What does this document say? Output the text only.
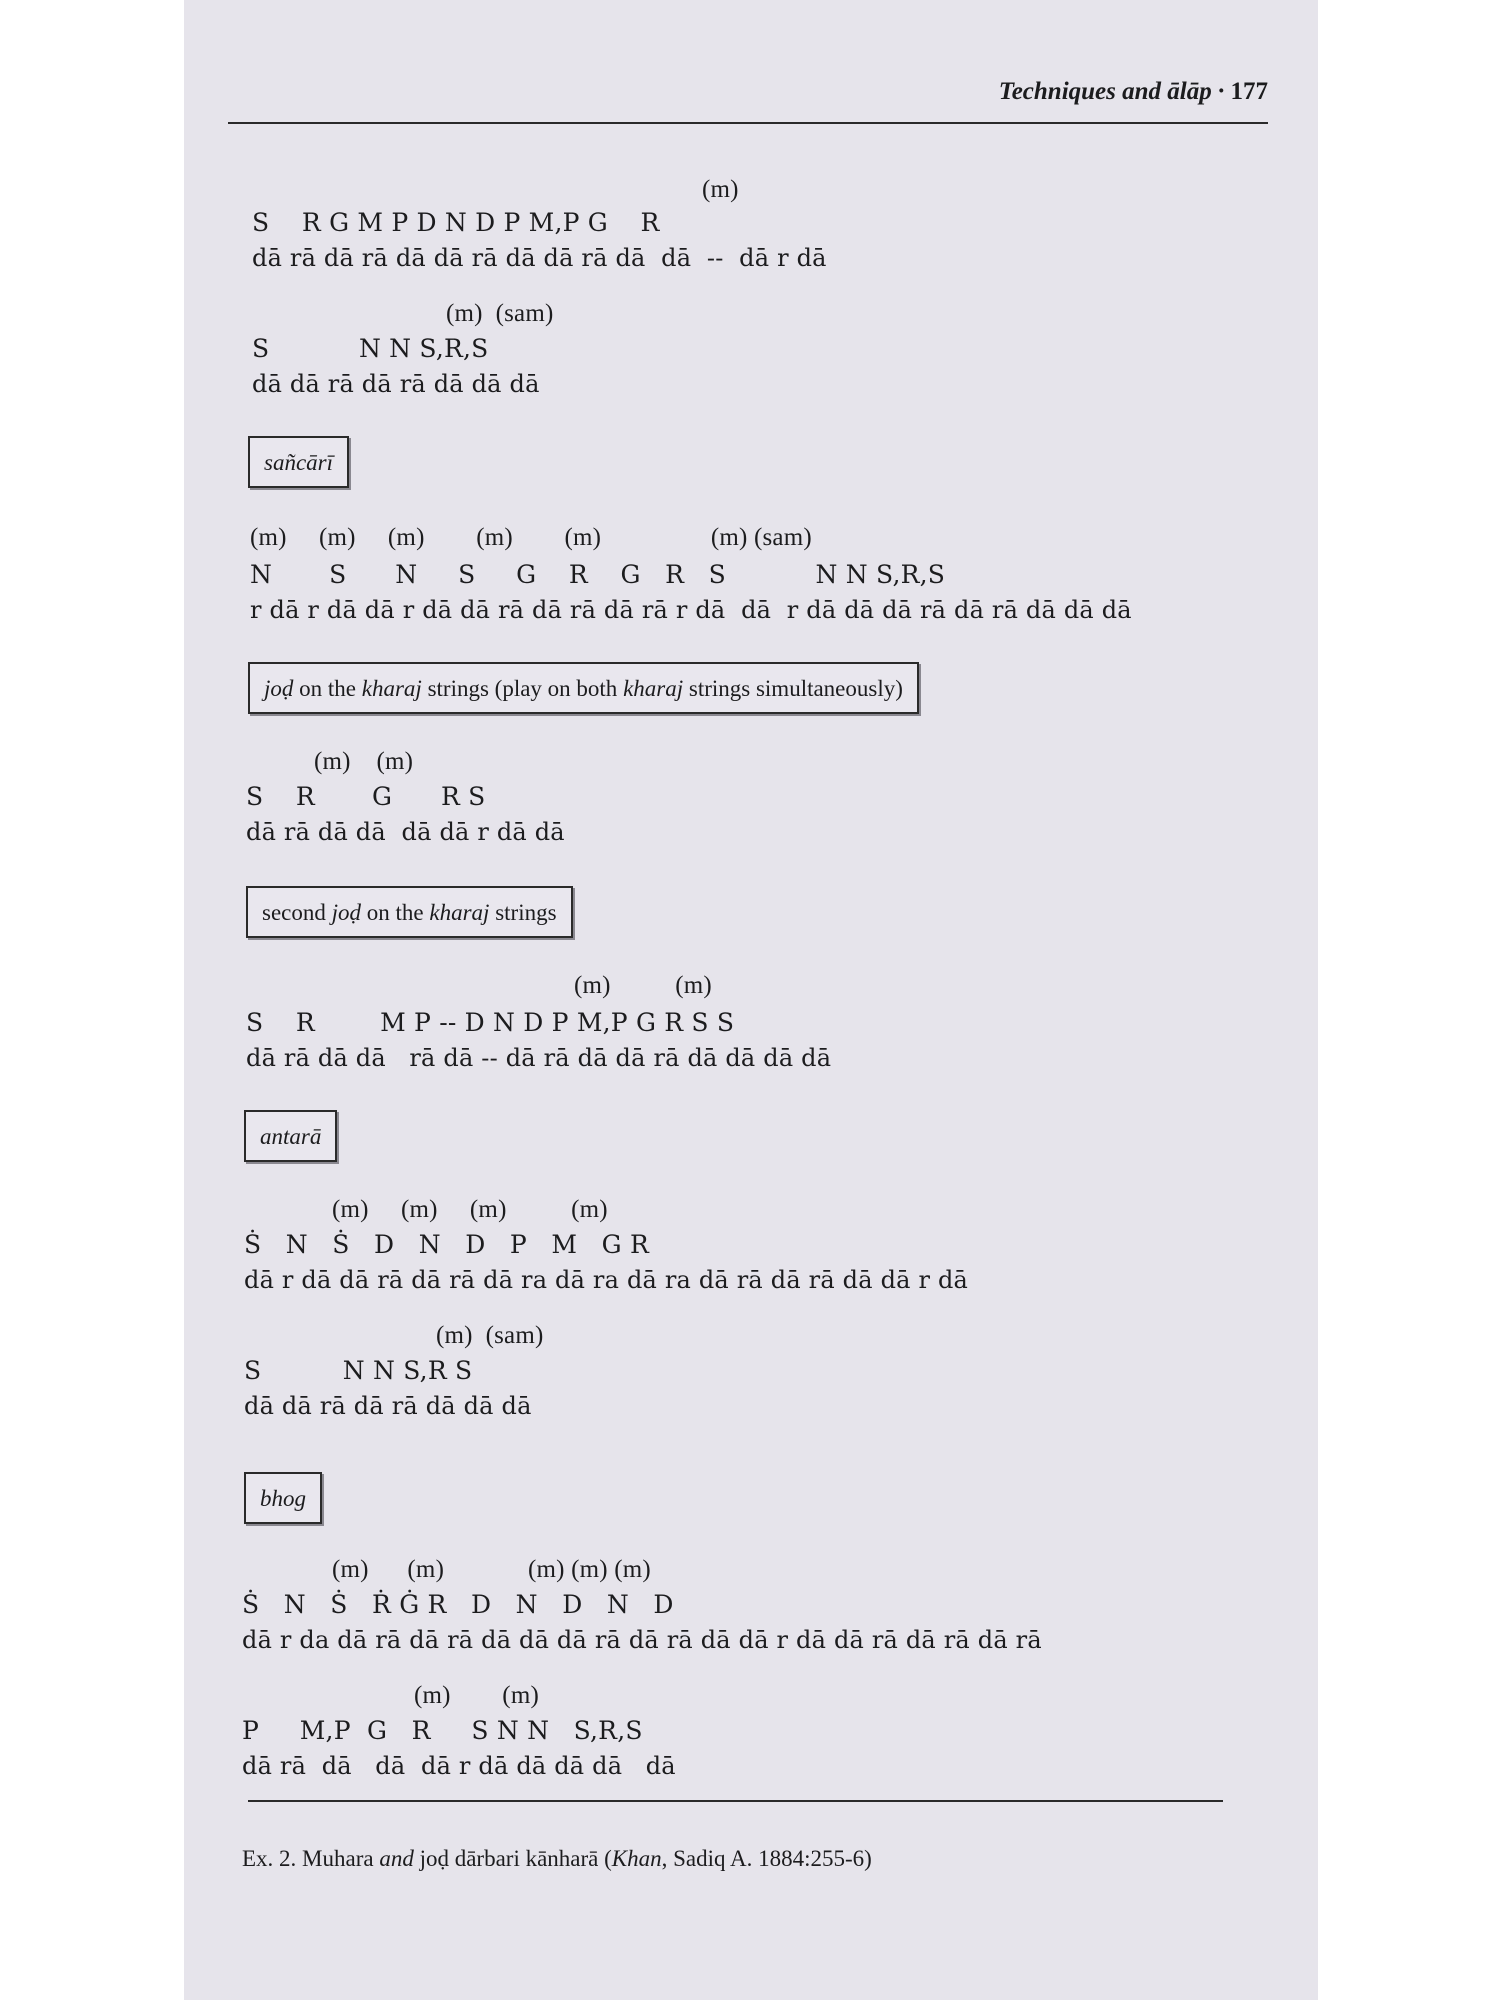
Techniques and ālāp · 177
(m)
S    R G M P D N D P M,P G    R
dā rā dā rā dā dā rā dā dā rā dā  dā  --  dā r dā
(m)  (sam)
S           N N S,R,S
dā dā rā dā rā dā dā dā
sañcārī
(m)     (m)     (m)        (m)        (m)                 (m) (sam)
N       S      N     S     G    R    G   R   S           N N S,R,S
r dā r dā dā r dā dā rā dā rā dā rā r dā  dā  r dā dā dā rā dā rā dā dā dā
joḍ on the kharaj strings (play on both kharaj strings simultaneously)
(m)    (m)
S    R       G      R S
dā rā dā dā  dā dā r dā dā
second joḍ on the kharaj strings
(m)          (m)
S    R        M P -- D N D P M,P G R S S
dā rā dā dā   rā dā -- dā rā dā dā rā dā dā dā dā
antarā
(m)     (m)     (m)          (m)
Ṡ   N   Ṡ   D   N   D   P   M   G R
dā r dā dā rā dā rā dā ra dā ra dā ra dā rā dā rā dā dā r dā
(m)  (sam)
S          N N S,R S
dā dā rā dā rā dā dā dā
bhog
(m)      (m)             (m) (m) (m)
Ṡ   N   Ṡ   Ṙ Ġ R   D   N   D   N   D
dā r da dā rā dā rā dā dā dā rā dā rā dā dā r dā dā rā dā rā dā rā
(m)        (m)
P     M,P  G   R     S N N   S,R,S
dā rā  dā   dā  dā r dā dā dā dā   dā
Ex. 2. Muhara and joḍ dārbari kānharā (Khan, Sadiq A. 1884:255-6)
